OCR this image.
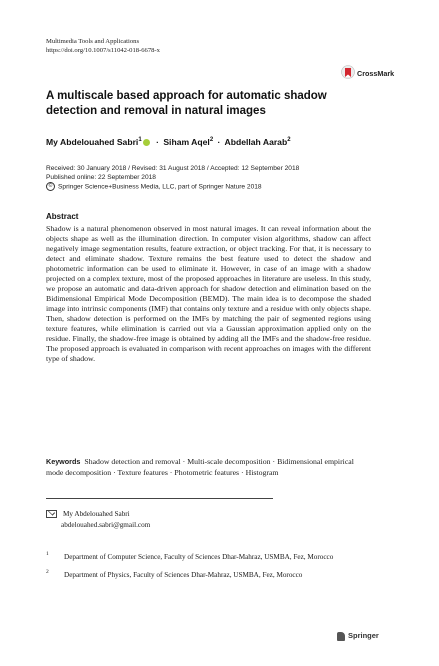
Multimedia Tools and Applications
https://doi.org/10.1007/s11042-018-6678-x
CrossMark
A multiscale based approach for automatic shadow detection and removal in natural images
My Abdelouahed Sabri$^1$ · Siham Aqel$^2$ · Abdellah Aarab$^2$
Received: 30 January 2018 / Revised: 31 August 2018 / Accepted: 12 September 2018
Published online: 22 September 2018
© Springer Science+Business Media, LLC, part of Springer Nature 2018
Abstract
Shadow is a natural phenomenon observed in most natural images. It can reveal information about the objects shape as well as the illumination direction. In computer vision algorithms, shadow can affect negatively image segmentation results, feature extraction, or object tracking. For that, it is necessary to detect and eliminate shadow. Texture remains the best feature used to detect the shadow and photometric information can be used to eliminate it. However, in case of an image with a shadow projected on a complex texture, most of the proposed approaches in literature are useless. In this study, we propose an automatic and data-driven approach for shadow detection and elimination based on the Bidimensional Empirical Mode Decomposition (BEMD). The main idea is to decompose the shaded image into intrinsic components (IMF) that contains only texture and a residue with only objects shape. Then, shadow detection is performed on the IMFs by matching the pair of segmented regions using texture features, while elimination is carried out via a Gaussian approximation applied only on the residue. Finally, the shadow-free image is obtained by adding all the IMFs and the shadow-free residue. The proposed approach is evaluated in comparison with recent approaches on images with the different type of shadow.
Keywords Shadow detection and removal · Multi-scale decomposition · Bidimensional empirical mode decomposition · Texture features · Photometric features · Histogram
My Abdelouahed Sabri
abdelouahed.sabri@gmail.com
$^1$ Department of Computer Science, Faculty of Sciences Dhar-Mahraz, USMBA, Fez, Morocco
$^2$ Department of Physics, Faculty of Sciences Dhar-Mahraz, USMBA, Fez, Morocco
Springer
